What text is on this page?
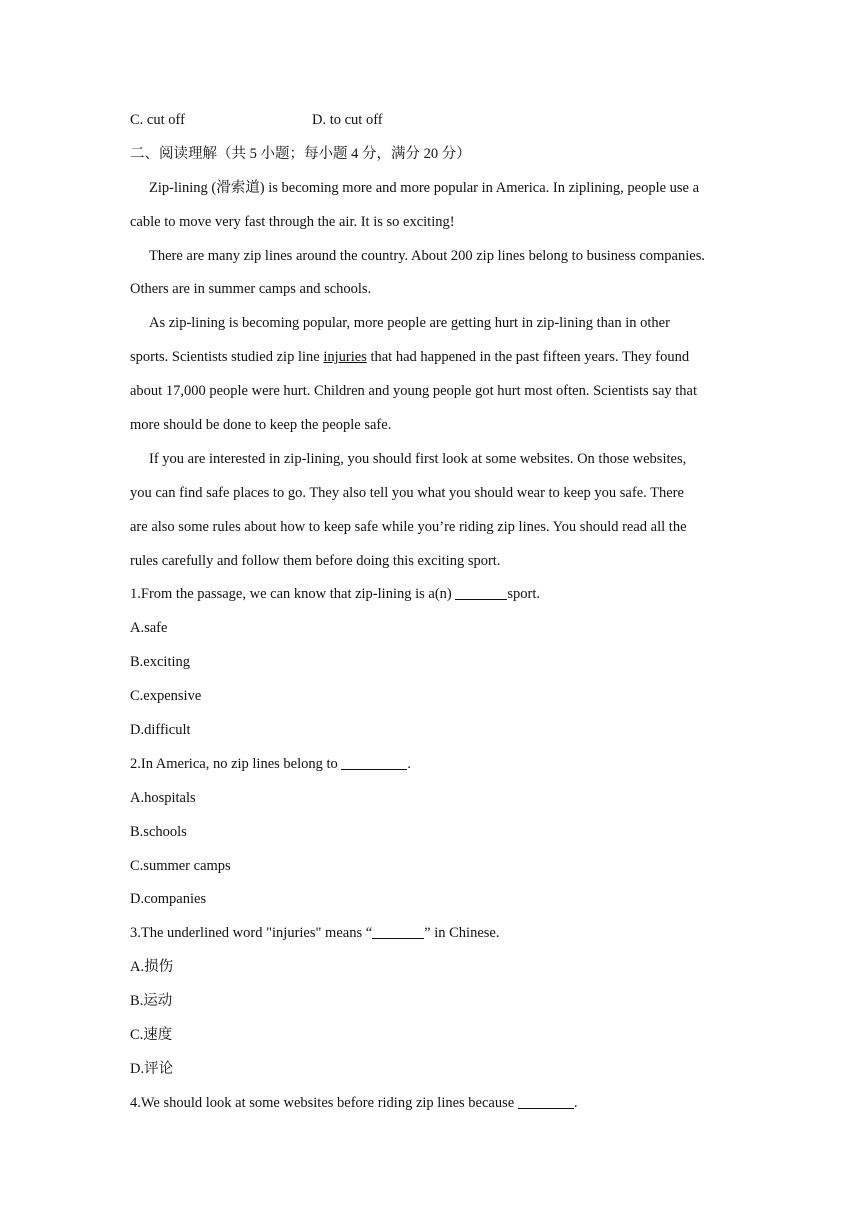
C. cut off	D. to cut off
二、阅读理解（共 5 小题；每小题 4 分，满分 20 分）
Zip-lining (滑索道) is becoming more and more popular in America. In ziplining, people use a
cable to move very fast through the air. It is so exciting!
There are many zip lines around the country. About 200 zip lines belong to business companies.
Others are in summer camps and schools.
As zip-lining is becoming popular, more people are getting hurt in zip-lining than in other
sports. Scientists studied zip line injuries that had happened in the past fifteen years. They found
about 17,000 people were hurt. Children and young people got hurt most often. Scientists say that
more should be done to keep the people safe.
If you are interested in zip-lining, you should first look at some websites. On those websites,
you can find safe places to go. They also tell you what you should wear to keep you safe. There
are also some rules about how to keep safe while you’re riding zip lines. You should read all the
rules carefully and follow them before doing this exciting sport.
1.From the passage, we can know that zip-lining is a(n)	sport.
A.safe
B.exciting
C.expensive
D.difficult
2.In America, no zip lines belong to	.
A.hospitals
B.schools
C.summer camps
D.companies
3.The underlined word "injuries" means “	” in Chinese.
A.损伤
B.运动
C.速度
D.评论
4.We should look at some websites before riding zip lines because	.
